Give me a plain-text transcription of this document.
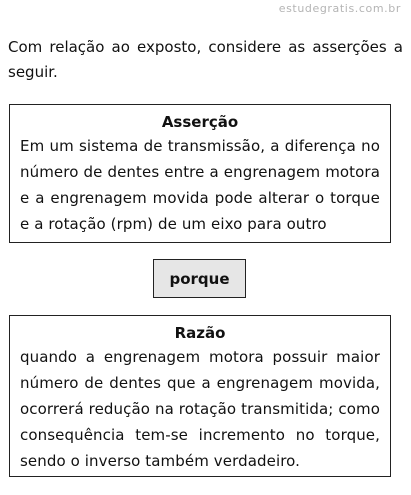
estudegratis.com.br
Com relação ao exposto, considere as asserções a seguir.
Asserção
Em um sistema de transmissão, a diferença no número de dentes entre a engrenagem motora e a engrenagem movida pode alterar o torque e a rotação (rpm) de um eixo para outro
porque
Razão
quando a engrenagem motora possuir maior número de dentes que a engrenagem movida, ocorrerá redução na rotação transmitida; como consequência tem-se incremento no torque, sendo o inverso também verdadeiro.
